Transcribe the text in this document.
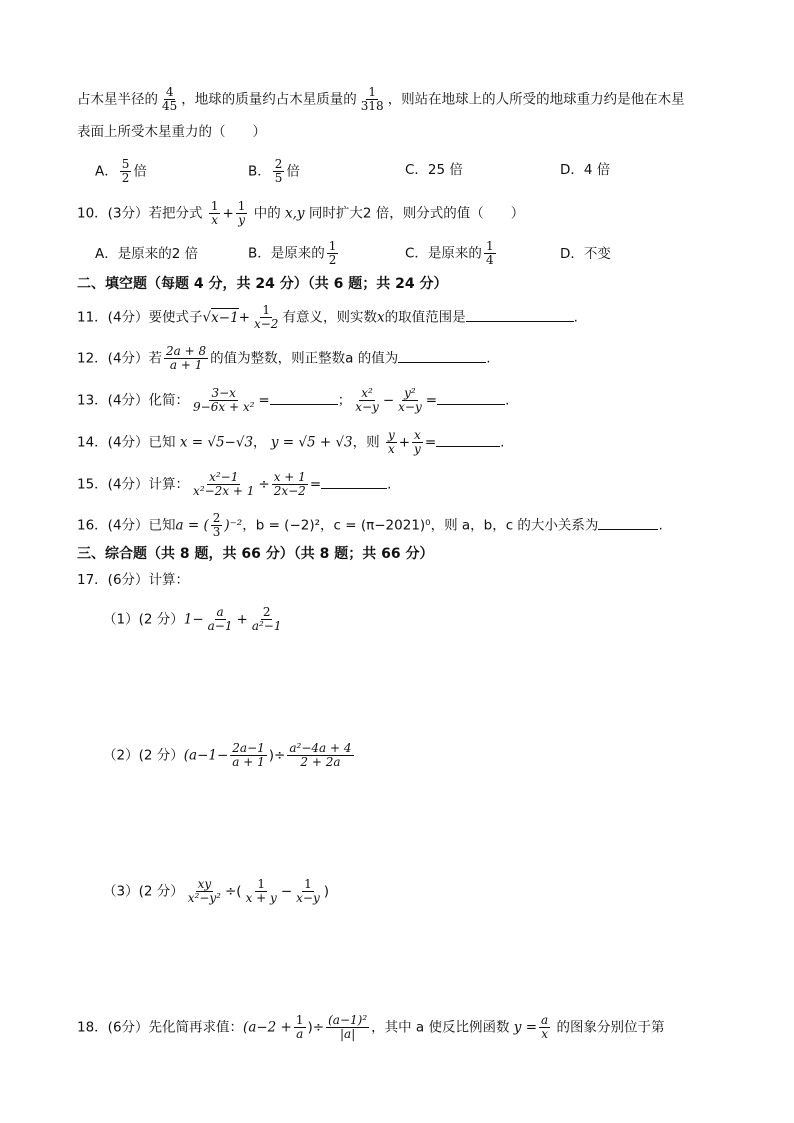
占木星半径的 $\frac{4}{45}$ ，地球的质量约占木星质量的 $\frac{1}{318}$ ，则站在地球上的人所受的地球重力约是他在木星
表面上所受木星重力的（　　）
A． $\frac{5}{2}$ 倍	B． $\frac{2}{5}$ 倍	C．25 倍	D．4 倍
10．(3分）若把分式 $\frac{1}{x} + \frac{1}{y}$ 中的 x,y 同时扩大2 倍，则分式的值（　　）
A．是原来的2 倍	B．是原来的 $\frac{1}{2}$	C．是原来的 $\frac{1}{4}$	D．不变
二、填空题（每题 4 分，共 24 分）（共 6 题；共 24 分）
11．(4分）要使式子$√x-1+ \frac{1}{x-2}$ 有意义，则实数x的取值范围是	.
12．(4分）若 $\frac{2a + 8}{a + 1}$ 的值为整数，则正整数a 的值为	.
13．(4分）化简： $\frac{3-x}{\text{9−6x + x²}}$ =	； $\frac{\text{x²}}{x-y} - \frac{\text{y²}}{x-y}$ =	.
14．(4分）已知 x = √5−√3， y = √5 + √3，则 $\frac{y}{x} + \frac{x}{y}$ =	.
15．(4分）计算： $\frac{\text{x²−1}}{\text{x²−2x + 1}} \div \frac{x + 1}{2x-2}$ =	.
16．(4分）已知a = ( $\frac{2}{3} )^{-2}$，b = (−2)²，c = (π−2021)⁰，则 a，b，c 的大小关系为	.
三、综合题（共 8 题，共 66 分）（共 8 题；共 66 分）
17．(6分）计算：
（1）(2 分）$1- \frac{a}{a-1} + \frac{2}{\text{a²−1}}$
（2）(2 分）($a-1- \frac{2a-1}{a + 1}$ )÷ $\frac{\text{a²−4a + 4}}{2 + 2a}$
（3）(2 分） $\frac{xy}{\text{x²−y²}}$ ÷( $\frac{1}{x + y} - \frac{1}{x-y}$ )
18．(6分）先化简再求值：($a-2 + \frac{1}{a}$ )÷ $\frac{\text{(a−1)²}}{|a|}$ ，其中 a 使反比例函数 $y = \frac{a}{x}$ 的图象分别位于第
